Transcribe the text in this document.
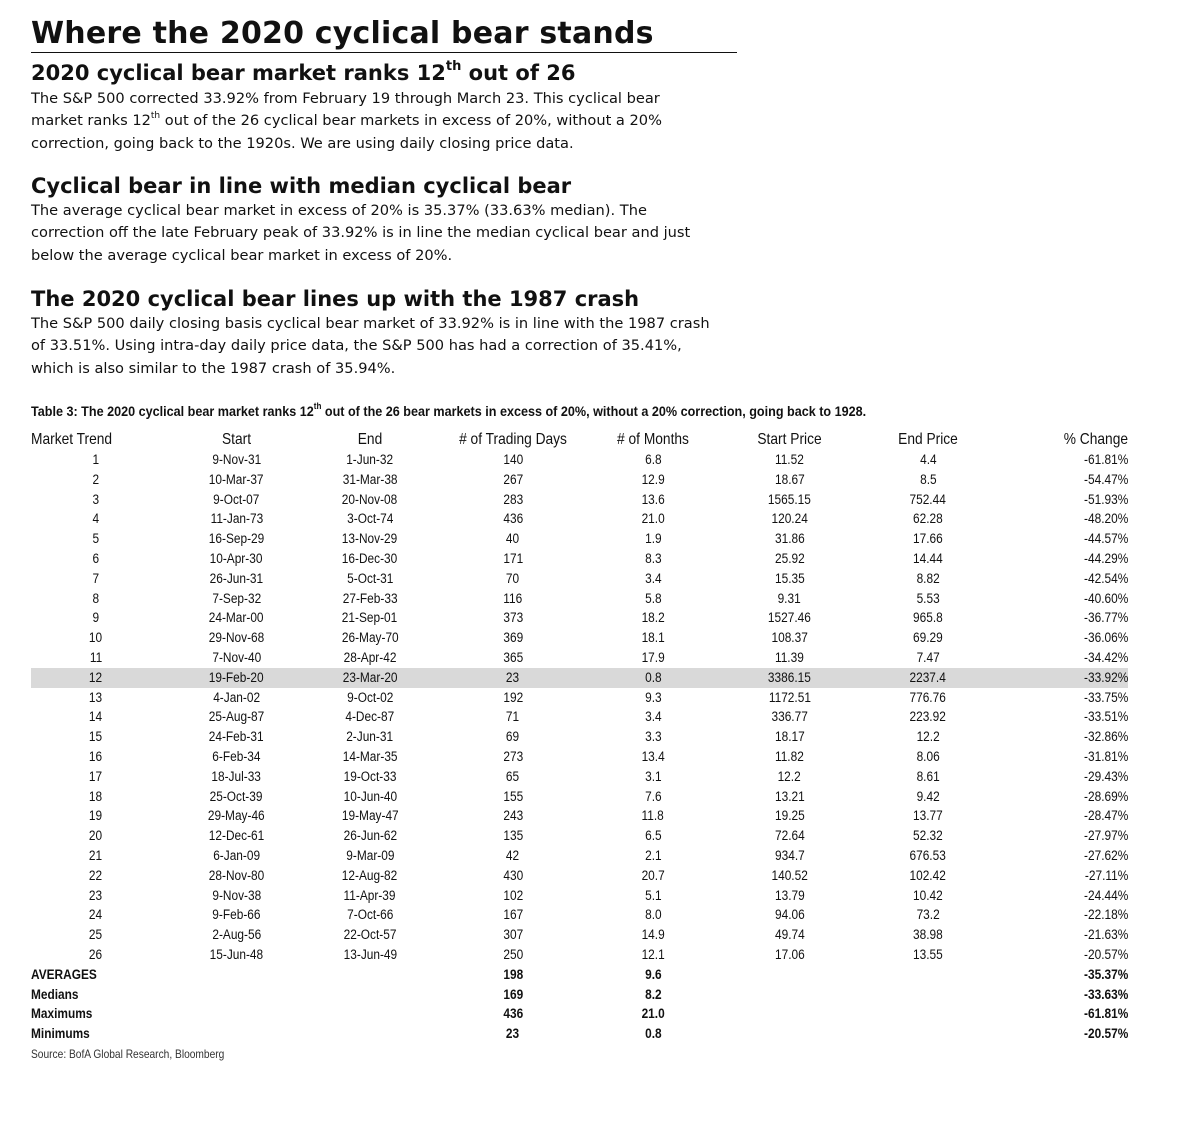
Where the 2020 cyclical bear stands
2020 cyclical bear market ranks 12th out of 26

The S&P 500 corrected 33.92% from February 19 through March 23. This cyclical bear
market ranks 12th out of the 26 cyclical bear markets in excess of 20%, without a 20%
correction, going back to the 1920s. We are using daily closing price data.

Cyclical bear in line with median cyclical bear

The average cyclical bear market in excess of 20% is 35.37% (33.63% median). The correction off the late February peak of 33.92% is in line the median cyclical bear and just below the average cyclical bear market in excess of 20%.

The 2020 cyclical bear lines up with the 1987 crash

The S&P 500 daily closing basis cyclical bear market of 33.92% is in line with the 1987 crash of 33.51%. Using intra-day daily price data, the S&P 500 has had a correction of 35.41%, which is also similar to the 1987 crash of 35.94%.

Table 3: The 2020 cyclical bear market ranks 12th out of the 26 bear markets in excess of 20%, without a 20% correction, going back to 1928.

Market Trend	Start	End	# of Trading Days	# of Months	Start Price	End Price	% Change
1	9-Nov-31	1-Jun-32	140	6.8	11.52	4.4	-61.81%
2	10-Mar-37	31-Mar-38	267	12.9	18.67	8.5	-54.47%
3	9-Oct-07	20-Nov-08	283	13.6	1565.15	752.44	-51.93%
4	11-Jan-73	3-Oct-74	436	21.0	120.24	62.28	-48.20%
5	16-Sep-29	13-Nov-29	40	1.9	31.86	17.66	-44.57%
6	10-Apr-30	16-Dec-30	171	8.3	25.92	14.44	-44.29%
7	26-Jun-31	5-Oct-31	70	3.4	15.35	8.82	-42.54%
8	7-Sep-32	27-Feb-33	116	5.8	9.31	5.53	-40.60%
9	24-Mar-00	21-Sep-01	373	18.2	1527.46	965.8	-36.77%
10	29-Nov-68	26-May-70	369	18.1	108.37	69.29	-36.06%
11	7-Nov-40	28-Apr-42	365	17.9	11.39	7.47	-34.42%
12	19-Feb-20	23-Mar-20	23	0.8	3386.15	2237.4	-33.92%
13	4-Jan-02	9-Oct-02	192	9.3	1172.51	776.76	-33.75%
14	25-Aug-87	4-Dec-87	71	3.4	336.77	223.92	-33.51%
15	24-Feb-31	2-Jun-31	69	3.3	18.17	12.2	-32.86%
16	6-Feb-34	14-Mar-35	273	13.4	11.82	8.06	-31.81%
17	18-Jul-33	19-Oct-33	65	3.1	12.2	8.61	-29.43%
18	25-Oct-39	10-Jun-40	155	7.6	13.21	9.42	-28.69%
19	29-May-46	19-May-47	243	11.8	19.25	13.77	-28.47%
20	12-Dec-61	26-Jun-62	135	6.5	72.64	52.32	-27.97%
21	6-Jan-09	9-Mar-09	42	2.1	934.7	676.53	-27.62%
22	28-Nov-80	12-Aug-82	430	20.7	140.52	102.42	-27.11%
23	9-Nov-38	11-Apr-39	102	5.1	13.79	10.42	-24.44%
24	9-Feb-66	7-Oct-66	167	8.0	94.06	73.2	-22.18%
25	2-Aug-56	22-Oct-57	307	14.9	49.74	38.98	-21.63%
26	15-Jun-48	13-Jun-49	250	12.1	17.06	13.55	-20.57%
AVERAGES			198	9.6			-35.37%
Medians			169	8.2			-33.63%
Maximums			436	21.0			-61.81%
Minimums			23	0.8			-20.57%
Source: BofA Global Research, Bloomberg
